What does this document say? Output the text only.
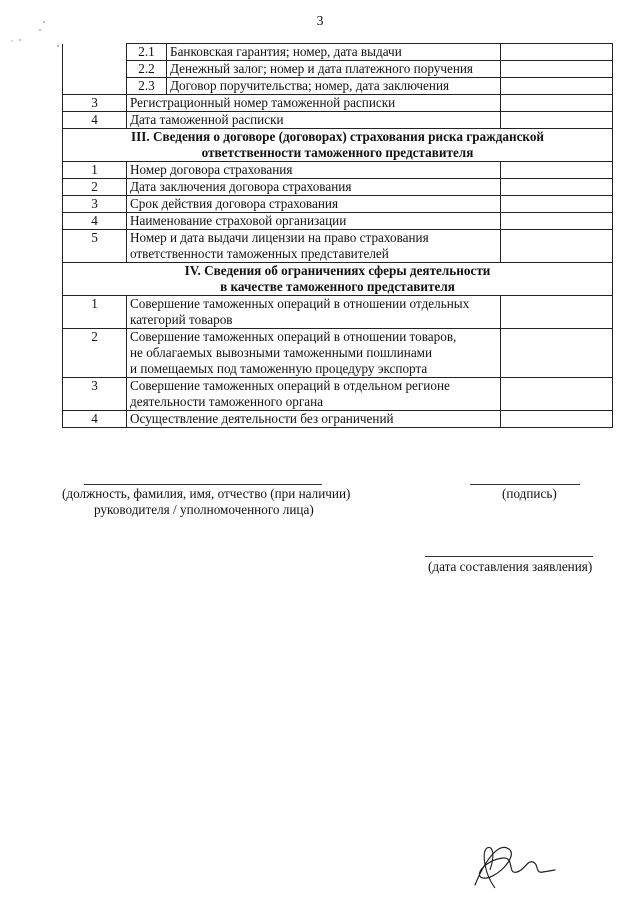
3
	2.1	Банковская гарантия; номер, дата выдачи	
	2.2	Денежный залог; номер и дата платежного поручения	
	2.3	Договор поручительства; номер, дата заключения	
3	Регистрационный номер таможенной расписки		
4	Дата таможенной расписки		

III. Сведения о договоре (договорах) страхования риска гражданской
ответственности таможенного представителя			

1	Номер договора страхования		
2	Дата заключения договора страхования		
3	Срок действия договора страхования		
4	Наименование страховой организации		
5	Номер и дата выдачи лицензии на право страхования
ответственности таможенных представителей		

IV. Сведения об ограничениях сферы деятельности
в качестве таможенного представителя			

1	Совершение таможенных операций в отношении отдельных
категорий товаров		

2	Совершение таможенных операций в отношении товаров,
не облагаемых вывозными таможенными пошлинами
и помещаемых под таможенную процедуру экспорта		

3	Совершение таможенных операций в отдельном регионе
деятельности таможенного органа		

4	Осуществление деятельности без ограничений		
(должность, фамилия, имя, отчество (при наличии)
руководителя / уполномоченного лица)
(подпись)
(дата составления заявления)
